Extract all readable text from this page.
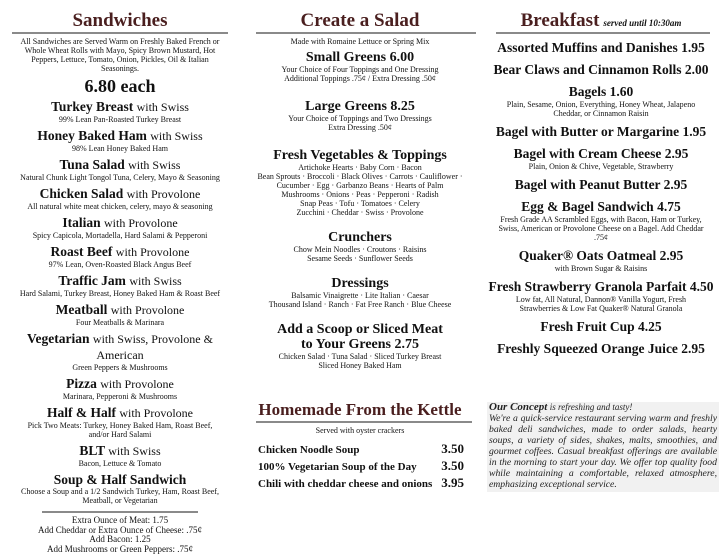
Sandwiches
All Sandwiches are Served Warm on Freshly Baked French or Whole Wheat Rolls with Mayo, Spicy Brown Mustard, Hot Peppers, Lettuce, Tomato, Onion, Pickles, Oil & Italian Seasonings.
6.80 each
Turkey Breast with Swiss
99% Lean Pan-Roasted Turkey Breast
Honey Baked Ham with Swiss
98% Lean Honey Baked Ham
Tuna Salad with Swiss
Natural Chunk Light Tongol Tuna, Celery, Mayo & Seasoning
Chicken Salad with Provolone
All natural white meat chicken, celery, mayo & seasoning
Italian with Provolone
Spicy Capicola, Mortadella, Hard Salami & Pepperoni
Roast Beef with Provolone
97% Lean, Oven-Roasted Black Angus Beef
Traffic Jam with Swiss
Hard Salami, Turkey Breast, Honey Baked Ham & Roast Beef
Meatball with Provolone
Four Meatballs & Marinara
Vegetarian with Swiss, Provolone & American
Green Peppers & Mushrooms
Pizza with Provolone
Marinara, Pepperoni & Mushrooms
Half & Half with Provolone
Pick Two Meats: Turkey, Honey Baked Ham, Roast Beef, and/or Hard Salami
BLT with Swiss
Bacon, Lettuce & Tomato
Soup & Half Sandwich
Choose a Soup and a 1/2 Sandwich Turkey, Ham, Roast Beef, Meatball, or Vegetarian
Extra Ounce of Meat: 1.75
Add Cheddar or Extra Ounce of Cheese: .75¢
Add Bacon: 1.25
Add Mushrooms or Green Peppers: .75¢
Create a Salad
Made with Romaine Lettuce or Spring Mix
Small Greens 6.00
Your Choice of Four Toppings and One Dressing
Additional Toppings .75¢ / Extra Dressing .50¢
Large Greens 8.25
Your Choice of Toppings and Two Dressings
Extra Dressing .50¢
Fresh Vegetables & Toppings
Artichoke Hearts · Baby Corn · Bacon
Bean Sprouts · Broccoli · Black Olives · Carrots · Cauliflower ·
Cucumber · Egg · Garbanzo Beans · Hearts of Palm
Mushrooms · Onions · Peas · Pepperoni · Radish
Snap Peas · Tofu · Tomatoes · Celery
Zucchini · Cheddar · Swiss · Provolone
Crunchers
Chow Mein Noodles · Croutons · Raisins
Sesame Seeds · Sunflower Seeds
Dressings
Balsamic Vinaigrette · Lite Italian · Caesar
Thousand Island · Ranch · Fat Free Ranch · Blue Cheese
Add a Scoop or Sliced Meat
to Your Greens 2.75
Chicken Salad · Tuna Salad · Sliced Turkey Breast
Sliced Honey Baked Ham
Homemade From the Kettle
Served with oyster crackers
Chicken Noodle Soup	3.50
100% Vegetarian Soup of the Day 3.50
Chili with cheddar cheese and onions 3.95
Breakfast served until 10:30am
Assorted Muffins and Danishes 1.95
Bear Claws and Cinnamon Rolls 2.00
Bagels 1.60
Plain, Sesame, Onion, Everything, Honey Wheat, Jalapeno Cheddar, or Cinnamon Raisin
Bagel with Butter or Margarine 1.95
Bagel with Cream Cheese 2.95
Plain, Onion & Chive, Vegetable, Strawberry
Bagel with Peanut Butter 2.95
Egg & Bagel Sandwich 4.75
Fresh Grade AA Scrambled Eggs, with Bacon, Ham or Turkey, Swiss, American or Provolone Cheese on a Bagel. Add Cheddar .75¢
Quaker® Oats Oatmeal 2.95
with Brown Sugar & Raisins
Fresh Strawberry Granola Parfait 4.50
Low fat, All Natural, Dannon® Vanilla Yogurt, Fresh Strawberries & Low Fat Quaker® Natural Granola
Fresh Fruit Cup 4.25
Freshly Squeezed Orange Juice 2.95
Our Concept is refreshing and tasty!
We're a quick-service restaurant serving warm and freshly baked deli sandwiches, made to order salads, hearty soups, a variety of sides, shakes, malts, smoothies, and gourmet coffees. Casual breakfast offerings are available in the morning to start your day. We offer top quality food while maintaining a comfortable, relaxed atmosphere, emphasizing exceptional service.
